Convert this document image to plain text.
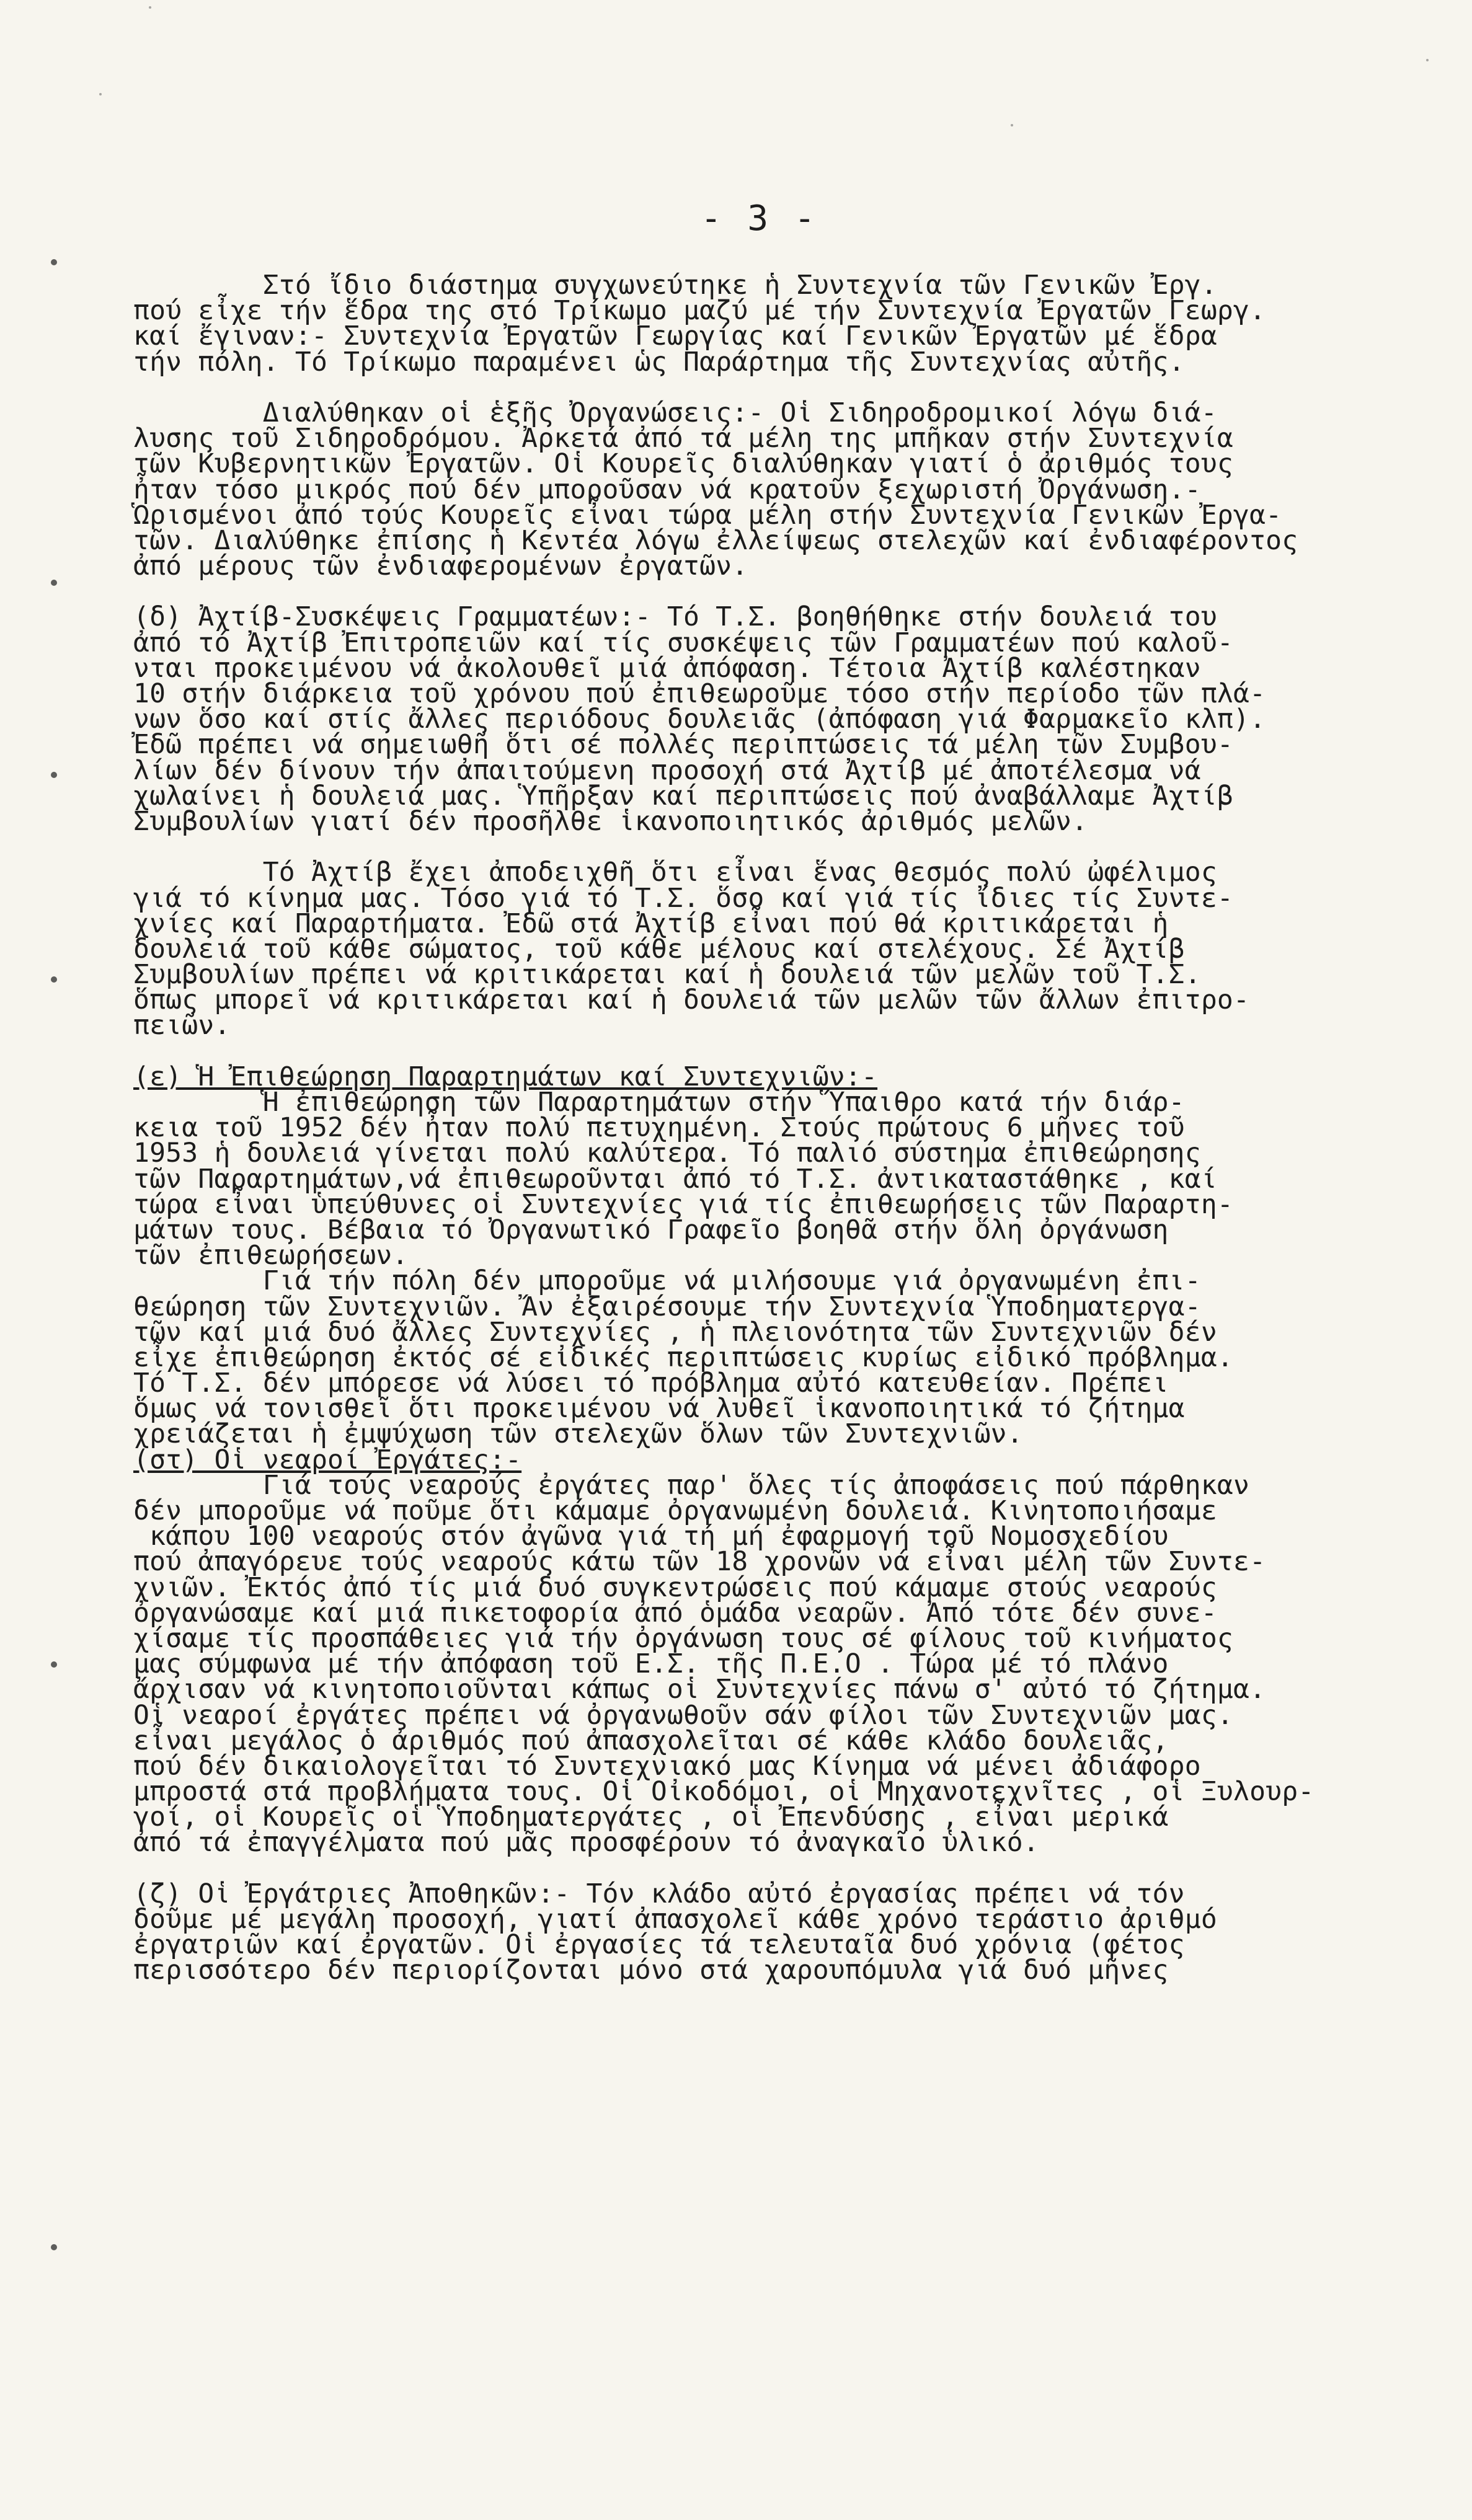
- 3 -
Στό ἴδιο διάστημα συγχωνεύτηκε ἡ Συντεχνία τῶν Γενικῶν Ἐργ.
πού εἶχε τήν ἕδρα της στό Τρίκωμο μαζύ μέ τήν Συντεχνία Ἐργατῶν Γεωργ.
καί ἔγιναν:- Συντεχνία Ἐργατῶν Γεωργίας καί Γενικῶν Ἐργατῶν μέ ἕδρα
τήν πόλη. Τό Τρίκωμο παραμένει ὡς Παράρτημα τῆς Συντεχνίας αὐτῆς.
Διαλύθηκαν οἱ ἑξῆς Ὀργανώσεις:- Οἱ Σιδηροδρομικοί λόγω διά-
λυσης τοῦ Σιδηροδρόμου. Ἀρκετά ἀπό τά μέλη της μπῆκαν στήν Συντεχνία
τῶν Κυβερνητικῶν Ἐργατῶν. Οἱ Κουρεῖς διαλύθηκαν γιατί ὁ ἀριθμός τους
ἦταν τόσο μικρός πού δέν μποροῦσαν νά κρατοῦν ξεχωριστή Ὀργάνωση.-
Ὡρισμένοι ἀπό τούς Κουρεῖς εἶναι τώρα μέλη στήν Συντεχνία Γενικῶν Ἐργα-
τῶν. Διαλύθηκε ἐπίσης ἡ Κεντέα λόγω ἐλλείψεως στελεχῶν καί ἐνδιαφέροντος
ἀπό μέρους τῶν ἐνδιαφερομένων ἐργατῶν.
(δ) Ἀχτίβ-Συσκέψεις Γραμματέων:- Τό Τ.Σ. βοηθήθηκε στήν δουλειά του
ἀπό τό Ἀχτίβ Ἐπιτροπειῶν καί τίς συσκέψεις τῶν Γραμματέων πού καλοῦ-
νται προκειμένου νά ἀκολουθεῖ μιά ἀπόφαση. Τέτοια Ἀχτίβ καλέστηκαν
10 στήν διάρκεια τοῦ χρόνου πού ἐπιθεωροῦμε τόσο στήν περίοδο τῶν πλά-
νων ὅσο καί στίς ἄλλες περιόδους δουλειᾶς (ἀπόφαση γιά Φαρμακεῖο κλπ).
Ἐδῶ πρέπει νά σημειωθῆ ὅτι σέ πολλές περιπτώσεις τά μέλη τῶν Συμβου-
λίων δέν δίνουν τήν ἀπαιτούμενη προσοχή στά Ἀχτίβ μέ ἀποτέλεσμα νά
χωλαίνει ἡ δουλειά μας. Ὑπῆρξαν καί περιπτώσεις πού ἀναβάλλαμε Ἀχτίβ
Συμβουλίων γιατί δέν προσῆλθε ἱκανοποιητικός ἀριθμός μελῶν.
Τό Ἀχτίβ ἔχει ἀποδειχθῆ ὅτι εἶναι ἕνας θεσμός πολύ ὠφέλιμος
γιά τό κίνημα μας. Τόσο γιά τό Τ.Σ. ὅσο καί γιά τίς ἴδιες τίς Συντε-
χνίες καί Παραρτήματα. Ἐδῶ στά Ἀχτίβ εἶναι πού θά κριτικάρεται ἡ
δουλειά τοῦ κάθε σώματος, τοῦ κάθε μέλους καί στελέχους. Σέ Ἀχτίβ
Συμβουλίων πρέπει νά κριτικάρεται καί ἡ δουλειά τῶν μελῶν τοῦ Τ.Σ.
ὅπως μπορεῖ νά κριτικάρεται καί ἡ δουλειά τῶν μελῶν τῶν ἄλλων ἐπιτρο-
πειῶν.
(ε) Ἡ Ἐπιθεώρηση Παραρτημάτων καί Συντεχνιῶν:-
Ἡ ἐπιθεώρηση τῶν Παραρτημάτων στήν Ὕπαιθρο κατά τήν διάρ-
κεια τοῦ 1952 δέν ἦταν πολύ πετυχημένη. Στούς πρώτους 6 μῆνες τοῦ
1953 ἡ δουλειά γίνεται πολύ καλύτερα. Τό παλιό σύστημα ἐπιθεώρησης
τῶν Παραρτημάτων,νά ἐπιθεωροῦνται ἀπό τό Τ.Σ. ἀντικαταστάθηκε , καί
τώρα εἶναι ὑπεύθυνες οἱ Συντεχνίες γιά τίς ἐπιθεωρήσεις τῶν Παραρτη-
μάτων τους. Βέβαια τό Ὀργανωτικό Γραφεῖο βοηθᾶ στήν ὅλη ὀργάνωση
τῶν ἐπιθεωρήσεων.
Γιά τήν πόλη δέν μποροῦμε νά μιλήσουμε γιά ὀργανωμένη ἐπι-
θεώρηση τῶν Συντεχνιῶν. Ἄν ἐξαιρέσουμε τήν Συντεχνία Ὑποδηματεργα-
τῶν καί μιά δυό ἄλλες Συντεχνίες , ἡ πλειονότητα τῶν Συντεχνιῶν δέν
εἶχε ἐπιθεώρηση ἐκτός σέ εἰδικές περιπτώσεις κυρίως εἰδικό πρόβλημα.
Τό Τ.Σ. δέν μπόρεσε νά λύσει τό πρόβλημα αὐτό κατευθείαν. Πρέπει
ὅμως νά τονισθεῖ ὅτι προκειμένου νά λυθεῖ ἱκανοποιητικά τό ζήτημα
χρειάζεται ἡ ἐμψύχωση τῶν στελεχῶν ὅλων τῶν Συντεχνιῶν.
(στ) Οἱ νεαροί Ἐργάτες:-
Γιά τούς νεαρούς ἐργάτες παρ' ὅλες τίς ἀποφάσεις πού πάρθηκαν
δέν μποροῦμε νά ποῦμε ὅτι κάμαμε ὀργανωμένη δουλειά. Κινητοποιήσαμε
κάπου 100 νεαρούς στόν ἀγῶνα γιά τή μή ἐφαρμογή τοῦ Νομοσχεδίου
πού ἀπαγόρευε τούς νεαρούς κάτω τῶν 18 χρονῶν νά εἶναι μέλη τῶν Συντε-
χνιῶν. Ἐκτός ἀπό τίς μιά δυό συγκεντρώσεις πού κάμαμε στούς νεαρούς
ὀργανώσαμε καί μιά πικετοφορία ἀπό ὁμάδα νεαρῶν. Ἀπό τότε δέν συνε-
χίσαμε τίς προσπάθειες γιά τήν ὀργάνωση τους σέ φίλους τοῦ κινήματος
μας σύμφωνα μέ τήν ἀπόφαση τοῦ Ε.Σ. τῆς Π.Ε.Ο . Τώρα μέ τό πλάνο
ἄρχισαν νά κινητοποιοῦνται κάπως οἱ Συντεχνίες πάνω σ' αὐτό τό ζήτημα.
Οἱ νεαροί ἐργάτες πρέπει νά ὀργανωθοῦν σάν φίλοι τῶν Συντεχνιῶν μας.
εἶναι μεγάλος ὁ ἀριθμός πού ἀπασχολεῖται σέ κάθε κλάδο δουλειᾶς,
πού δέν δικαιολογεῖται τό Συντεχνιακό μας Κίνημα νά μένει ἀδιάφορο
μπροστά στά προβλήματα τους. Οἱ Οἰκοδόμοι, οἱ Μηχανοτεχνῖτες , οἱ Ξυλουρ-
γοί, οἱ Κουρεῖς οἱ Ὑποδηματεργάτες , οἱ Ἐπενδύσης , εἶναι μερικά
ἀπό τά ἐπαγγέλματα πού μᾶς προσφέρουν τό ἀναγκαῖο ὑλικό.
(ζ) Οἱ Ἐργάτριες Ἀποθηκῶν:- Τόν κλάδο αὐτό ἐργασίας πρέπει νά τόν
δοῦμε μέ μεγάλη προσοχή, γιατί ἀπασχολεῖ κάθε χρόνο τεράστιο ἀριθμό
ἐργατριῶν καί ἐργατῶν. Οἱ ἐργασίες τά τελευταῖα δυό χρόνια (φέτος
περισσότερο δέν περιορίζονται μόνο στά χαρουπόμυλα γιά δυό μῆνες
